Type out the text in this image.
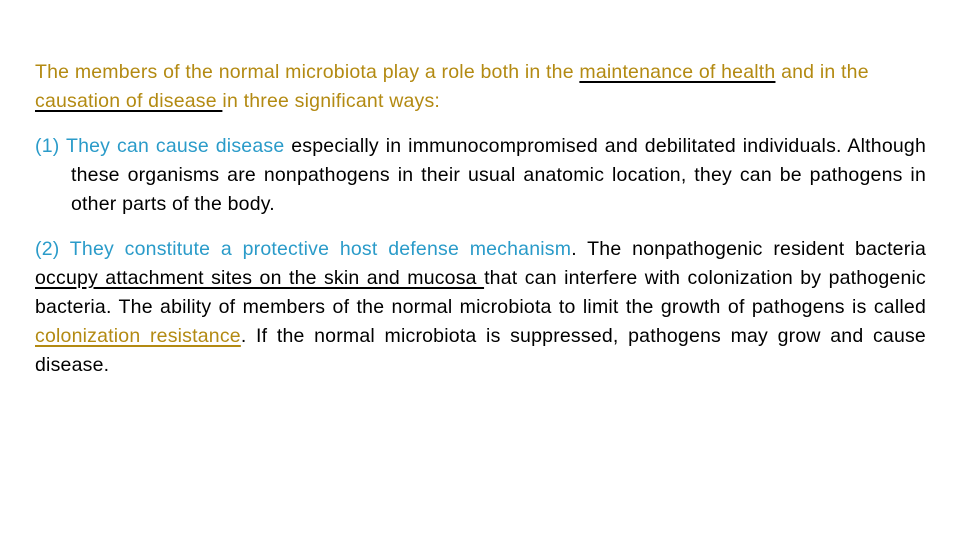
The members of the normal microbiota play a role both in the maintenance of health and in the causation of disease in three significant ways:

(1) They can cause disease especially in immunocompromised and debilitated individuals. Although these organisms are nonpathogens in their usual anatomic location, they can be pathogens in other parts of the body.

(2) They constitute a protective host defense mechanism. The nonpathogenic resident bacteria occupy attachment sites on the skin and mucosa that can interfere with colonization by pathogenic bacteria. The ability of members of the normal microbiota to limit the growth of pathogens is called colonization resistance. If the normal microbiota is suppressed, pathogens may grow and cause disease.
